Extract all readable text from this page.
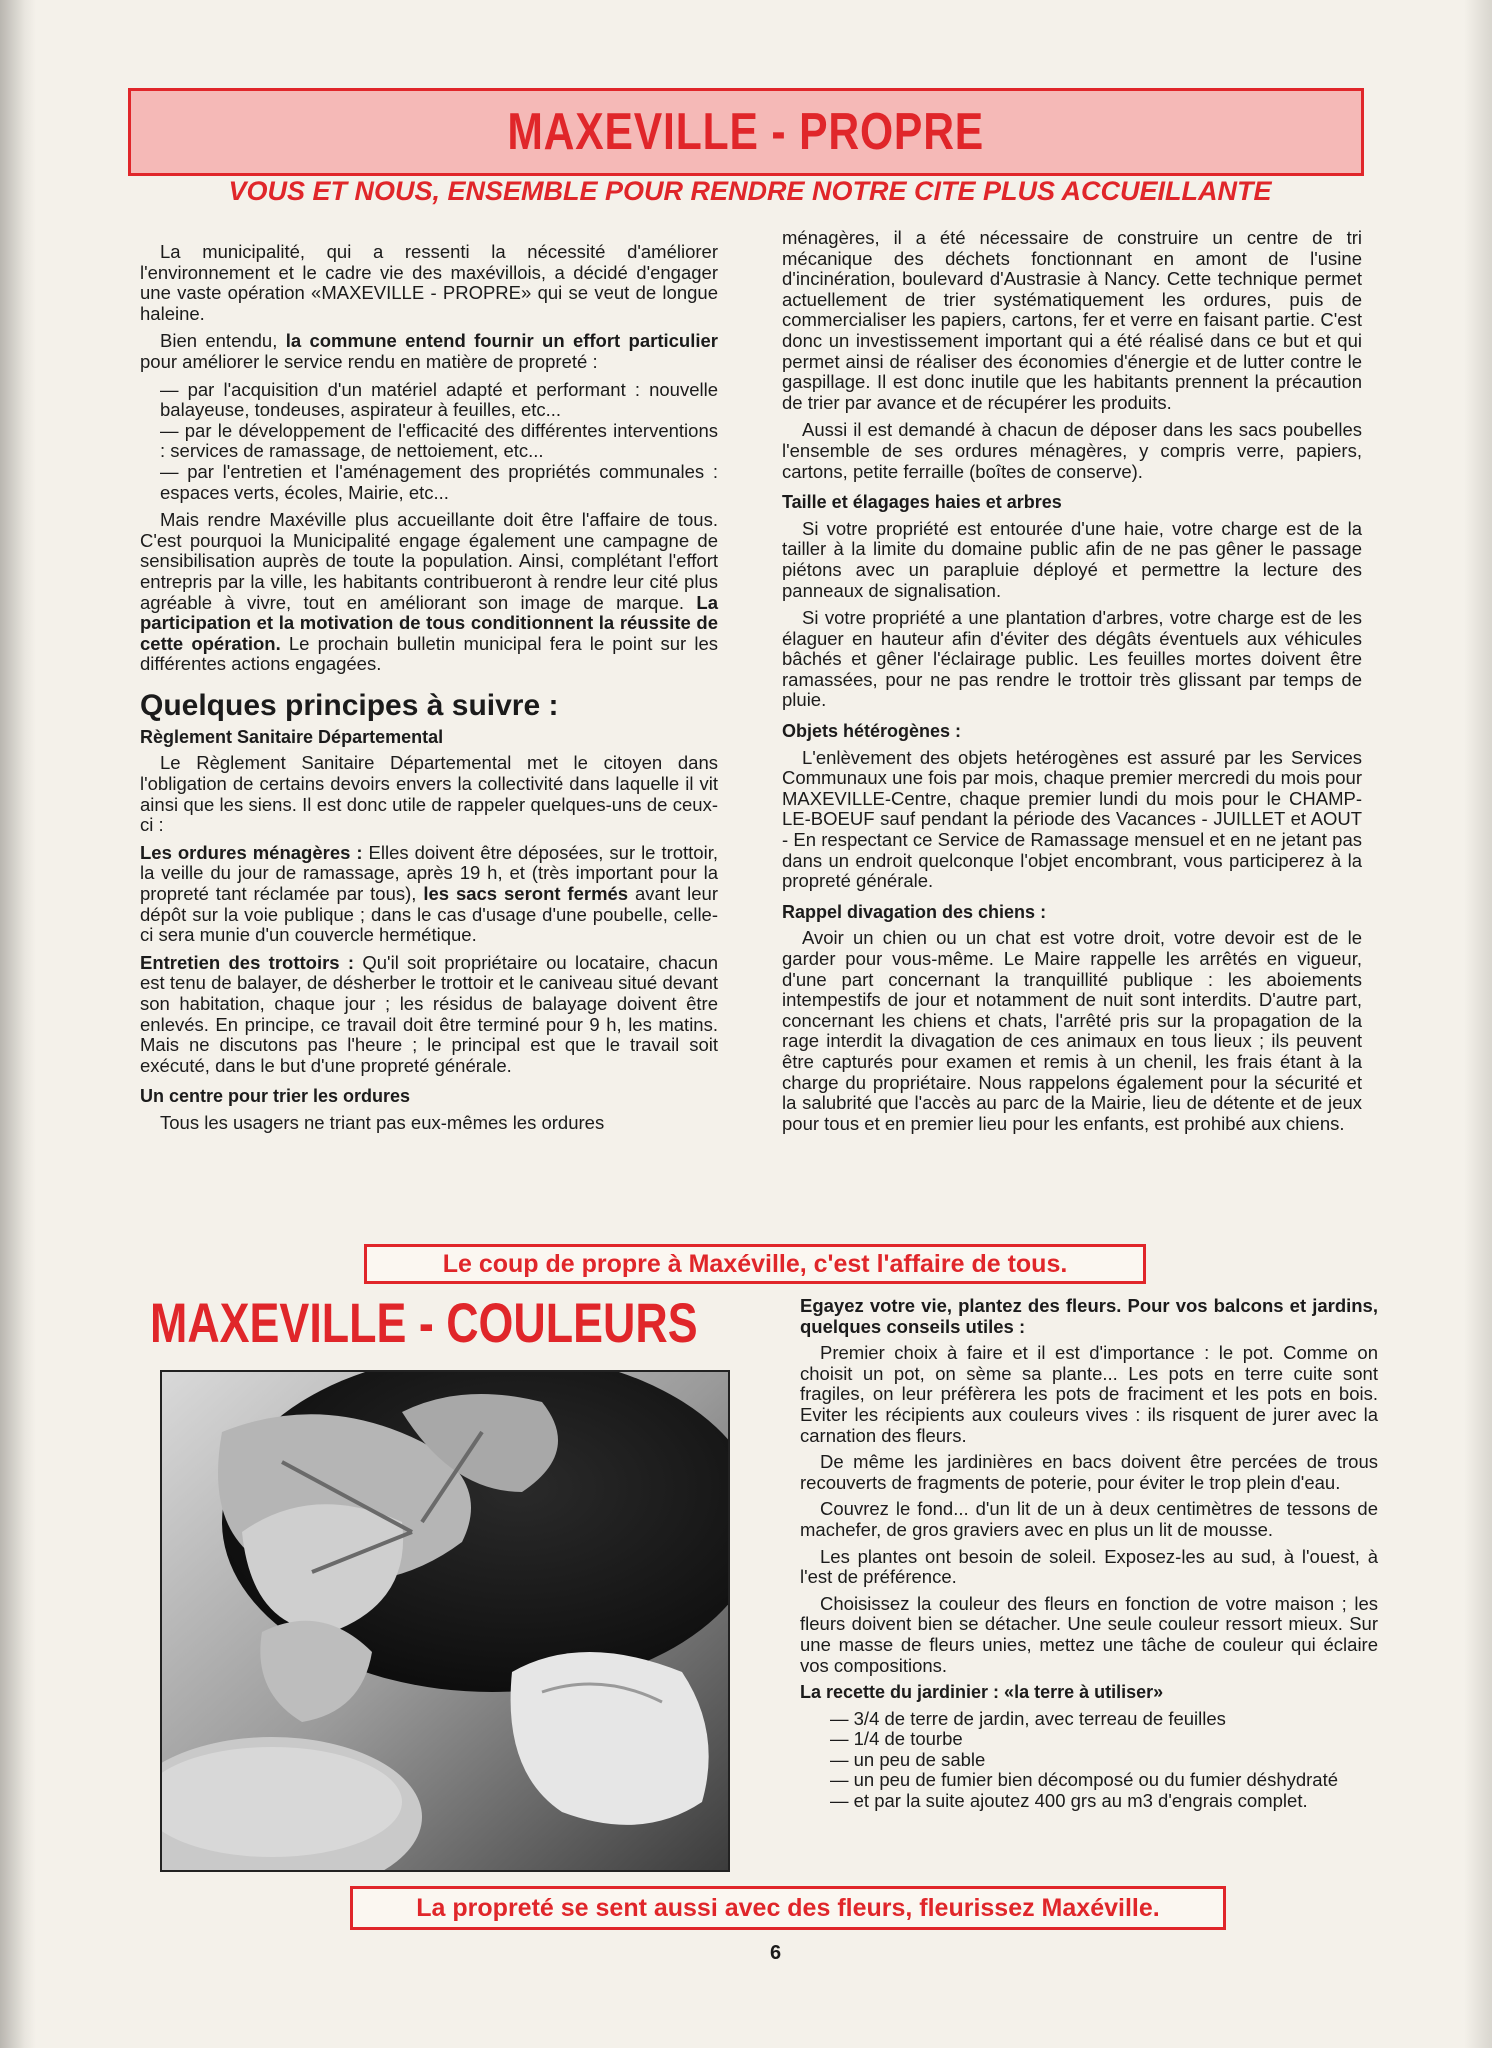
MAXEVILLE - PROPRE
VOUS ET NOUS, ENSEMBLE POUR RENDRE NOTRE CITE PLUS ACCUEILLANTE

La municipalité, qui a ressenti la nécessité d'améliorer l'environnement et le cadre vie des maxévillois, a décidé d'engager une vaste opération «MAXEVILLE - PROPRE» qui se veut de longue haleine.

Bien entendu, la commune entend fournir un effort particulier pour améliorer le service rendu en matière de propreté :

— par l'acquisition d'un matériel adapté et performant : nouvelle balayeuse, tondeuses, aspirateur à feuilles, etc...

— par le développement de l'efficacité des différentes interventions : services de ramassage, de nettoiement, etc...

— par l'entretien et l'aménagement des propriétés communales : espaces verts, écoles, Mairie, etc...

Mais rendre Maxéville plus accueillante doit être l'affaire de tous. C'est pourquoi la Municipalité engage également une campagne de sensibilisation auprès de toute la population. Ainsi, complétant l'effort entrepris par la ville, les habitants contribueront à rendre leur cité plus agréable à vivre, tout en améliorant son image de marque. La participation et la motivation de tous conditionnent la réussite de cette opération. Le prochain bulletin municipal fera le point sur les différentes actions engagées.

Quelques principes à suivre :
Règlement Sanitaire Départemental

Le Règlement Sanitaire Départemental met le citoyen dans l'obligation de certains devoirs envers la collectivité dans laquelle il vit ainsi que les siens. Il est donc utile de rappeler quelques-uns de ceux-ci :

Les ordures ménagères : Elles doivent être déposées, sur le trottoir, la veille du jour de ramassage, après 19 h, et (très important pour la propreté tant réclamée par tous), les sacs seront fermés avant leur dépôt sur la voie publique ; dans le cas d'usage d'une poubelle, celle-ci sera munie d'un couvercle hermétique.

Entretien des trottoirs : Qu'il soit propriétaire ou locataire, chacun est tenu de balayer, de désherber le trottoir et le caniveau situé devant son habitation, chaque jour ; les résidus de balayage doivent être enlevés. En principe, ce travail doit être terminé pour 9 h, les matins. Mais ne discutons pas l'heure ; le principal est que le travail soit exécuté, dans le but d'une propreté générale.

Un centre pour trier les ordures

Tous les usagers ne triant pas eux-mêmes les ordures

ménagères, il a été nécessaire de construire un centre de tri mécanique des déchets fonctionnant en amont de l'usine d'incinération, boulevard d'Austrasie à Nancy. Cette technique permet actuellement de trier systématiquement les ordures, puis de commercialiser les papiers, cartons, fer et verre en faisant partie. C'est donc un investissement important qui a été réalisé dans ce but et qui permet ainsi de réaliser des économies d'énergie et de lutter contre le gaspillage. Il est donc inutile que les habitants prennent la précaution de trier par avance et de récupérer les produits.

Aussi il est demandé à chacun de déposer dans les sacs poubelles l'ensemble de ses ordures ménagères, y compris verre, papiers, cartons, petite ferraille (boîtes de conserve).

Taille et élagages haies et arbres

Si votre propriété est entourée d'une haie, votre charge est de la tailler à la limite du domaine public afin de ne pas gêner le passage piétons avec un parapluie déployé et permettre la lecture des panneaux de signalisation.

Si votre propriété a une plantation d'arbres, votre charge est de les élaguer en hauteur afin d'éviter des dégâts éventuels aux véhicules bâchés et gêner l'éclairage public. Les feuilles mortes doivent être ramassées, pour ne pas rendre le trottoir très glissant par temps de pluie.

Objets hétérogènes :

L'enlèvement des objets hetérogènes est assuré par les Services Communaux une fois par mois, chaque premier mercredi du mois pour MAXEVILLE-Centre, chaque premier lundi du mois pour le CHAMP-LE-BOEUF sauf pendant la période des Vacances - JUILLET et AOUT - En respectant ce Service de Ramassage mensuel et en ne jetant pas dans un endroit quelconque l'objet encombrant, vous participerez à la propreté générale.

Rappel divagation des chiens :

Avoir un chien ou un chat est votre droit, votre devoir est de le garder pour vous-même. Le Maire rappelle les arrêtés en vigueur, d'une part concernant la tranquillité publique : les aboiements intempestifs de jour et notamment de nuit sont interdits. D'autre part, concernant les chiens et chats, l'arrêté pris sur la propagation de la rage interdit la divagation de ces animaux en tous lieux ; ils peuvent être capturés pour examen et remis à un chenil, les frais étant à la charge du propriétaire. Nous rappelons également pour la sécurité et la salubrité que l'accès au parc de la Mairie, lieu de détente et de jeux pour tous et en premier lieu pour les enfants, est prohibé aux chiens.

Le coup de propre à Maxéville, c'est l'affaire de tous.
MAXEVILLE - COULEURS	Egayez votre vie, plantez des fleurs. Pour vos balcons et jardins, quelques conseils utiles :

Premier choix à faire et il est d'importance : le pot. Comme on choisit un pot, on sème sa plante... Les pots en terre cuite sont fragiles, on leur préfèrera les pots de fraciment et les pots en bois. Eviter les récipients aux couleurs vives : ils risquent de jurer avec la carnation des fleurs.

De même les jardinières en bacs doivent être percées de trous recouverts de fragments de poterie, pour éviter le trop plein d'eau.

Couvrez le fond... d'un lit de un à deux centimètres de tessons de machefer, de gros graviers avec en plus un lit de mousse.

Les plantes ont besoin de soleil. Exposez-les au sud, à l'ouest, à l'est de préférence.

Choisissez la couleur des fleurs en fonction de votre maison ; les fleurs doivent bien se détacher. Une seule couleur ressort mieux. Sur une masse de fleurs unies, mettez une tâche de couleur qui éclaire vos compositions.

La recette du jardinier : «la terre à utiliser»

— 3/4 de terre de jardin, avec terreau de feuilles

— 1/4 de tourbe

— un peu de sable

— un peu de fumier bien décomposé ou du fumier déshydraté

— et par la suite ajoutez 400 grs au m3 d'engrais complet.

La propreté se sent aussi avec des fleurs, fleurissez Maxéville.
6
